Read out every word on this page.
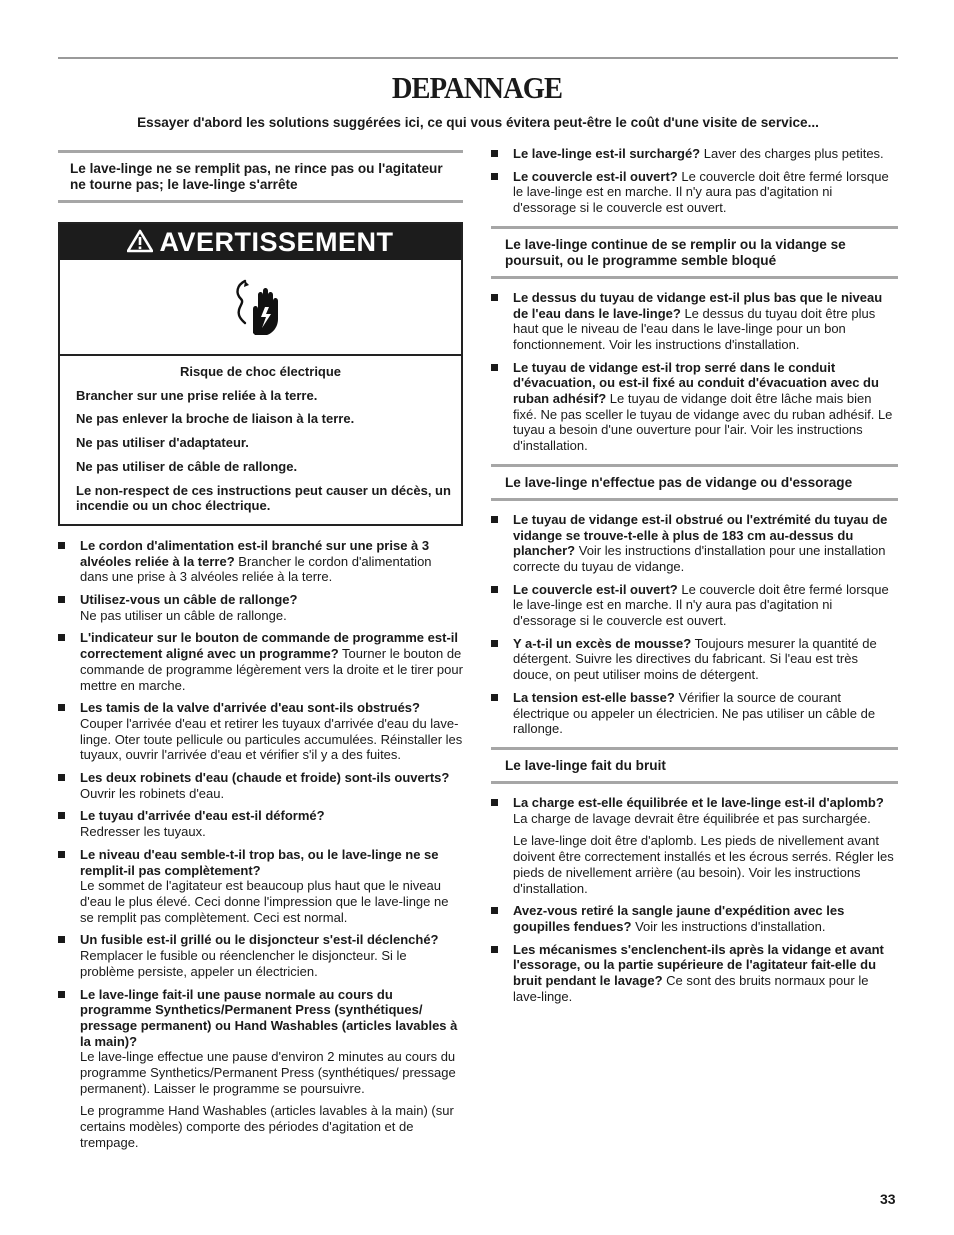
DEPANNAGE
Essayer d'abord les solutions suggérées ici, ce qui vous évitera peut-être le coût d'une visite de service...
Le lave-linge ne se remplit pas, ne rince pas ou l'agitateur ne tourne pas; le lave-linge s'arrête
AVERTISSEMENT
Risque de choc électrique

Brancher sur une prise reliée à la terre.

Ne pas enlever la broche de liaison à la terre.

Ne pas utiliser d'adaptateur.

Ne pas utiliser de câble de rallonge.

Le non-respect de ces instructions peut causer un décès, un incendie ou un choc électrique.

Le cordon d'alimentation est-il branché sur une prise à 3 alvéoles reliée à la terre? Brancher le cordon d'alimentation dans une prise à 3 alvéoles reliée à la terre.
Utilisez-vous un câble de rallonge?
Ne pas utiliser un câble de rallonge.
L'indicateur sur le bouton de commande de programme est-il correctement aligné avec un programme? Tourner le bouton de commande de programme légèrement vers la droite et le tirer pour mettre en marche.
Les tamis de la valve d'arrivée d'eau sont-ils obstrués?
Couper l'arrivée d'eau et retirer les tuyaux d'arrivée d'eau du lave-linge. Oter toute pellicule ou particules accumulées. Réinstaller les tuyaux, ouvrir l'arrivée d'eau et vérifier s'il y a des fuites.
Les deux robinets d'eau (chaude et froide) sont-ils ouverts? Ouvrir les robinets d'eau.
Le tuyau d'arrivée d'eau est-il déformé?
Redresser les tuyaux.
Le niveau d'eau semble-t-il trop bas, ou le lave-linge ne se remplit-il pas complètement?
Le sommet de l'agitateur est beaucoup plus haut que le niveau d'eau le plus élevé. Ceci donne l'impression que le lave-linge ne se remplit pas complètement. Ceci est normal.
Un fusible est-il grillé ou le disjoncteur s'est-il déclenché?
Remplacer le fusible ou réenclencher le disjoncteur. Si le problème persiste, appeler un électricien.
Le lave-linge fait-il une pause normale au cours du programme Synthetics/Permanent Press (synthétiques/ pressage permanent) ou Hand Washables (articles lavables à la main)?
Le lave-linge effectue une pause d'environ 2 minutes au cours du programme Synthetics/Permanent Press (synthétiques/ pressage permanent). Laisser le programme se poursuivre.
Le programme Hand Washables (articles lavables à la main) (sur certains modèles) comporte des périodes d'agitation et de trempage.
Le lave-linge est-il surchargé? Laver des charges plus petites.
Le couvercle est-il ouvert? Le couvercle doit être fermé lorsque le lave-linge est en marche. Il n'y aura pas d'agitation ni d'essorage si le couvercle est ouvert.
Le lave-linge continue de se remplir ou la vidange se poursuit, ou le programme semble bloqué
Le dessus du tuyau de vidange est-il plus bas que le niveau de l'eau dans le lave-linge? Le dessus du tuyau doit être plus haut que le niveau de l'eau dans le lave-linge pour un bon fonctionnement. Voir les instructions d'installation.
Le tuyau de vidange est-il trop serré dans le conduit d'évacuation, ou est-il fixé au conduit d'évacuation avec du ruban adhésif? Le tuyau de vidange doit être lâche mais bien fixé. Ne pas sceller le tuyau de vidange avec du ruban adhésif. Le tuyau a besoin d'une ouverture pour l'air. Voir les instructions d'installation.
Le lave-linge n'effectue pas de vidange ou d'essorage
Le tuyau de vidange est-il obstrué ou l'extrémité du tuyau de vidange se trouve-t-elle à plus de 183 cm au-dessus du plancher? Voir les instructions d'installation pour une installation correcte du tuyau de vidange.
Le couvercle est-il ouvert? Le couvercle doit être fermé lorsque le lave-linge est en marche. Il n'y aura pas d'agitation ni d'essorage si le couvercle est ouvert.
Y a-t-il un excès de mousse? Toujours mesurer la quantité de détergent. Suivre les directives du fabricant. Si l'eau est très douce, on peut utiliser moins de détergent.
La tension est-elle basse? Vérifier la source de courant électrique ou appeler un électricien. Ne pas utiliser un câble de rallonge.
Le lave-linge fait du bruit
La charge est-elle équilibrée et le lave-linge est-il d'aplomb? La charge de lavage devrait être équilibrée et pas surchargée.
Le lave-linge doit être d'aplomb. Les pieds de nivellement avant doivent être correctement installés et les écrous serrés. Régler les pieds de nivellement arrière (au besoin). Voir les instructions d'installation.
Avez-vous retiré la sangle jaune d'expédition avec les goupilles fendues? Voir les instructions d'installation.
Les mécanismes s'enclenchent-ils après la vidange et avant l'essorage, ou la partie supérieure de l'agitateur fait-elle du bruit pendant le lavage? Ce sont des bruits normaux pour le lave-linge.
33
